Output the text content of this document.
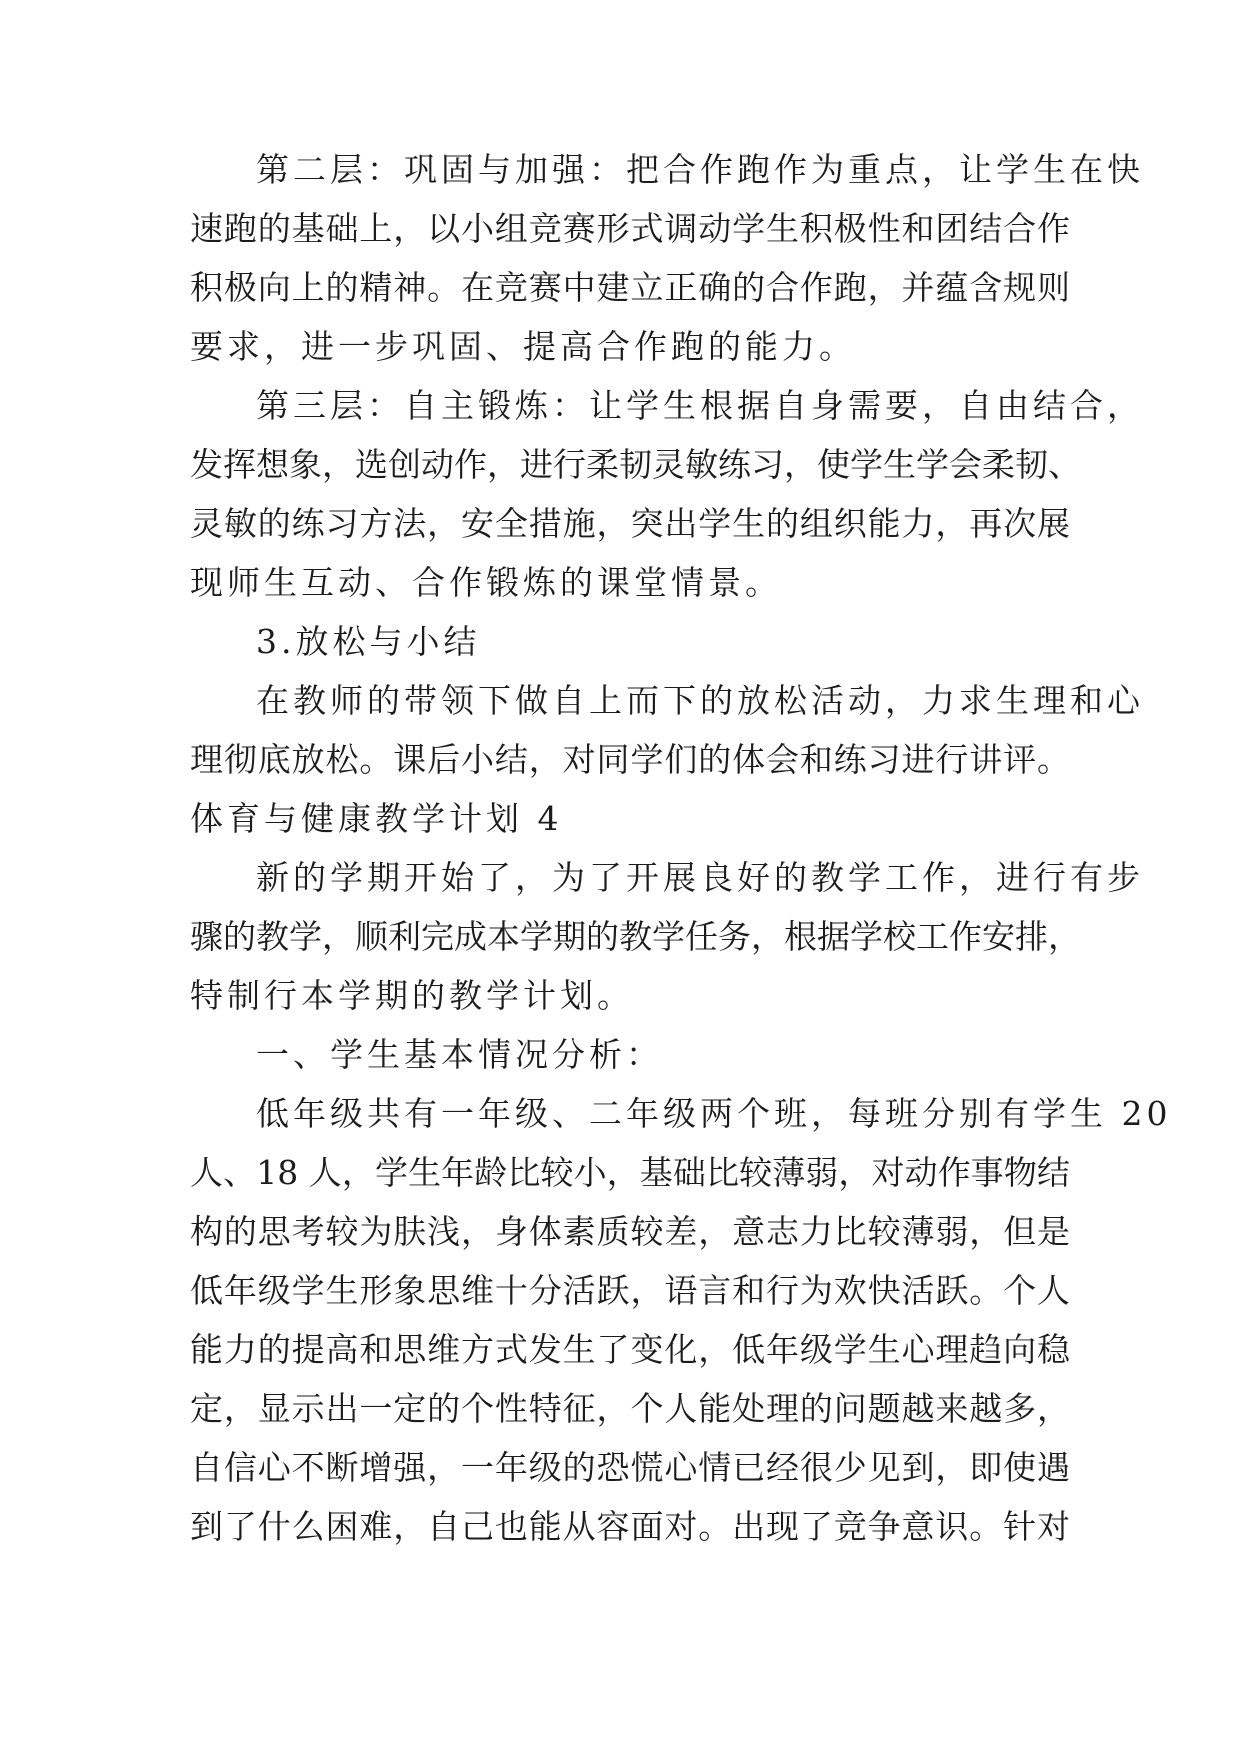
第二层：巩固与加强：把合作跑作为重点，让学生在快

速跑的基础上，以小组竞赛形式调动学生积极性和团结合作

积极向上的精神。在竞赛中建立正确的合作跑，并蕴含规则

要求，进一步巩固、提高合作跑的能力。

第三层：自主锻炼：让学生根据自身需要，自由结合，

发挥想象，选创动作，进行柔韧灵敏练习，使学生学会柔韧、

灵敏的练习方法，安全措施，突出学生的组织能力，再次展

现师生互动、合作锻炼的课堂情景。

3.放松与小结

在教师的带领下做自上而下的放松活动，力求生理和心

理彻底放松。课后小结，对同学们的体会和练习进行讲评。

体育与健康教学计划 4

新的学期开始了，为了开展良好的教学工作，进行有步

骤的教学，顺利完成本学期的教学任务，根据学校工作安排，

特制行本学期的教学计划。

一、学生基本情况分析：

低年级共有一年级、二年级两个班，每班分别有学生 20

人、18 人，学生年龄比较小，基础比较薄弱，对动作事物结

构的思考较为肤浅，身体素质较差，意志力比较薄弱，但是

低年级学生形象思维十分活跃，语言和行为欢快活跃。个人

能力的提高和思维方式发生了变化，低年级学生心理趋向稳

定，显示出一定的个性特征，个人能处理的问题越来越多，

自信心不断增强，一年级的恐慌心情已经很少见到，即使遇

到了什么困难，自己也能从容面对。出现了竞争意识。针对
